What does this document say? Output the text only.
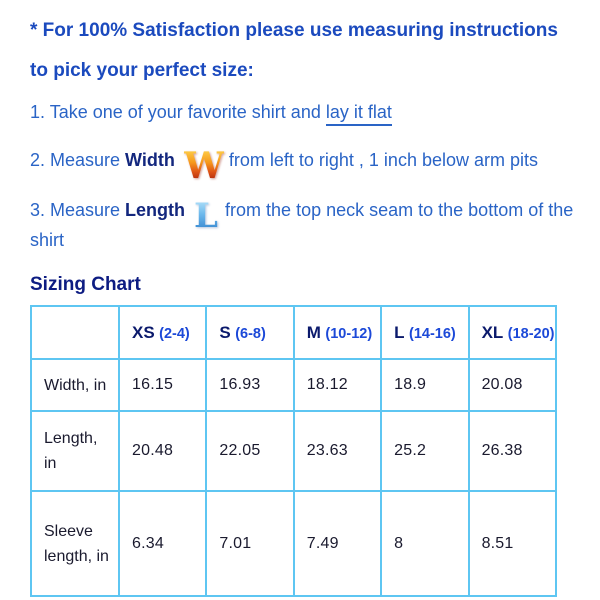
* For 100% Satisfaction please use measuring instructions
to pick your perfect size:

1. Take one of your favorite shirt and lay it flat

2. Measure Width W from left to right , 1 inch below arm pits

3. Measure Length L from the top neck seam to the bottom of the shirt

Sizing Chart
	XS (2-4)	S (6-8)	M (10-12)	L (14-16)	XL (18-20)
Width, in	16.15	16.93	18.12	18.9	20.08
Length, in	20.48	22.05	23.63	25.2	26.38
Sleeve length, in	6.34	7.01	7.49	8	8.51
